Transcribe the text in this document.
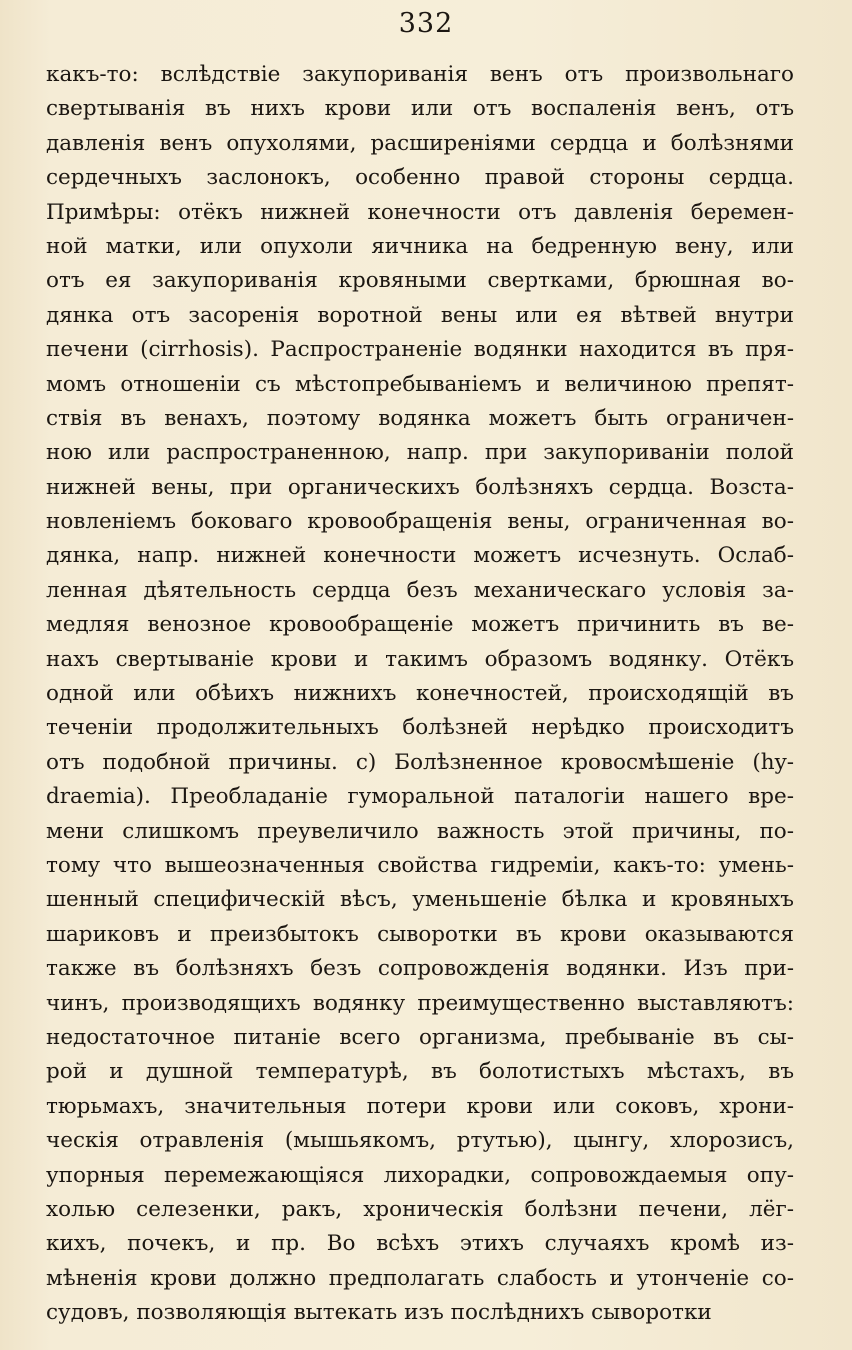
332
какъ-то: вслѣдствіе закупориванія венъ отъ произвольнаго
свертыванія въ нихъ крови или отъ воспаленія венъ, отъ
давленія венъ опухолями, расширеніями сердца и болѣзнями
сердечныхъ заслонокъ, особенно правой стороны сердца.
Примѣры: отёкъ нижней конечности отъ давленія беремен-
ной матки, или опухоли яичника на бедренную вену, или
отъ ея закупориванія кровяными свертками, брюшная во-
дянка отъ засоренія воротной вены или ея вѣтвей внутри
печени (cirrhosis). Распространеніе водянки находится въ пря-
момъ отношеніи съ мѣстопребываніемъ и величиною препят-
ствія въ венахъ, поэтому водянка можетъ быть ограничен-
ною или распространенною, напр. при закупориваніи полой
нижней вены, при органическихъ болѣзняхъ сердца. Возста-
новленіемъ боковаго кровообращенія вены, ограниченная во-
дянка, напр. нижней конечности можетъ исчезнуть. Ослаб-
ленная дѣятельность сердца безъ механическаго условія за-
медляя венозное кровообращеніе можетъ причинить въ ве-
нахъ свертываніе крови и такимъ образомъ водянку. Отёкъ
одной или обѣихъ нижнихъ конечностей, происходящій въ
теченіи продолжительныхъ болѣзней нерѣдко происходитъ
отъ подобной причины. c) Болѣзненное кровосмѣшеніе (hy-
draemia). Преобладаніе гуморальной паталогіи нашего вре-
мени слишкомъ преувеличило важность этой причины, по-
тому что вышеозначенныя свойства гидреміи, какъ-то: умень-
шенный специфическій вѣсъ, уменьшеніе бѣлка и кровяныхъ
шариковъ и преизбытокъ сыворотки въ крови оказываются
также въ болѣзняхъ безъ сопровожденія водянки. Изъ при-
чинъ, производящихъ водянку преимущественно выставляютъ:
недостаточное питаніе всего организма, пребываніе въ сы-
рой и душной температурѣ, въ болотистыхъ мѣстахъ, въ
тюрьмахъ, значительныя потери крови или соковъ, хрони-
ческія отравленія (мышьякомъ, ртутью), цынгу, хлорозисъ,
упорныя перемежающіяся лихорадки, сопровождаемыя опу-
холью селезенки, ракъ, хроническія болѣзни печени, лёг-
кихъ, почекъ, и пр. Во всѣхъ этихъ случаяхъ кромѣ из-
мѣненія крови должно предполагать слабость и утонченіе со-
судовъ, позволяющія вытекать изъ послѣднихъ сыворотки
